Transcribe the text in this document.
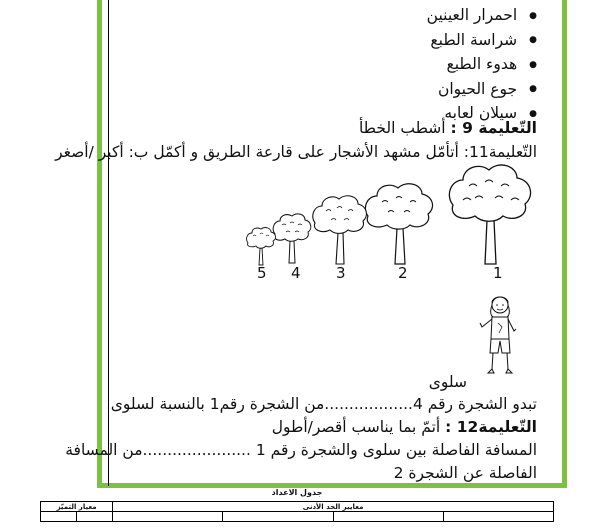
● احمرار العينين
● شراسة الطبع
● هدوء الطبع
● جوع الحيوان
● سيلان لعابه
التّعليمة 9 : أشطب الخطأ
التّعليمة11: أتأمّل مشهد الأشجار على قارعة الطريق و أكمّل ب: أكبر /أصغر
1
2
3
4
5
سلوى
تبدو الشجرة رقم 4..................من الشجرة رقم1 بالنسبة لسلوى
التّعليمة12 : أتمّ بما يناسب أقصر/أطول
المسافة الفاصلة بين سلوى والشجرة رقم 1 ......................من المسافة
الفاصلة عن الشجرة 2
جدول الاعداد
معايير الحد الأدنى				معيار التميّز	
